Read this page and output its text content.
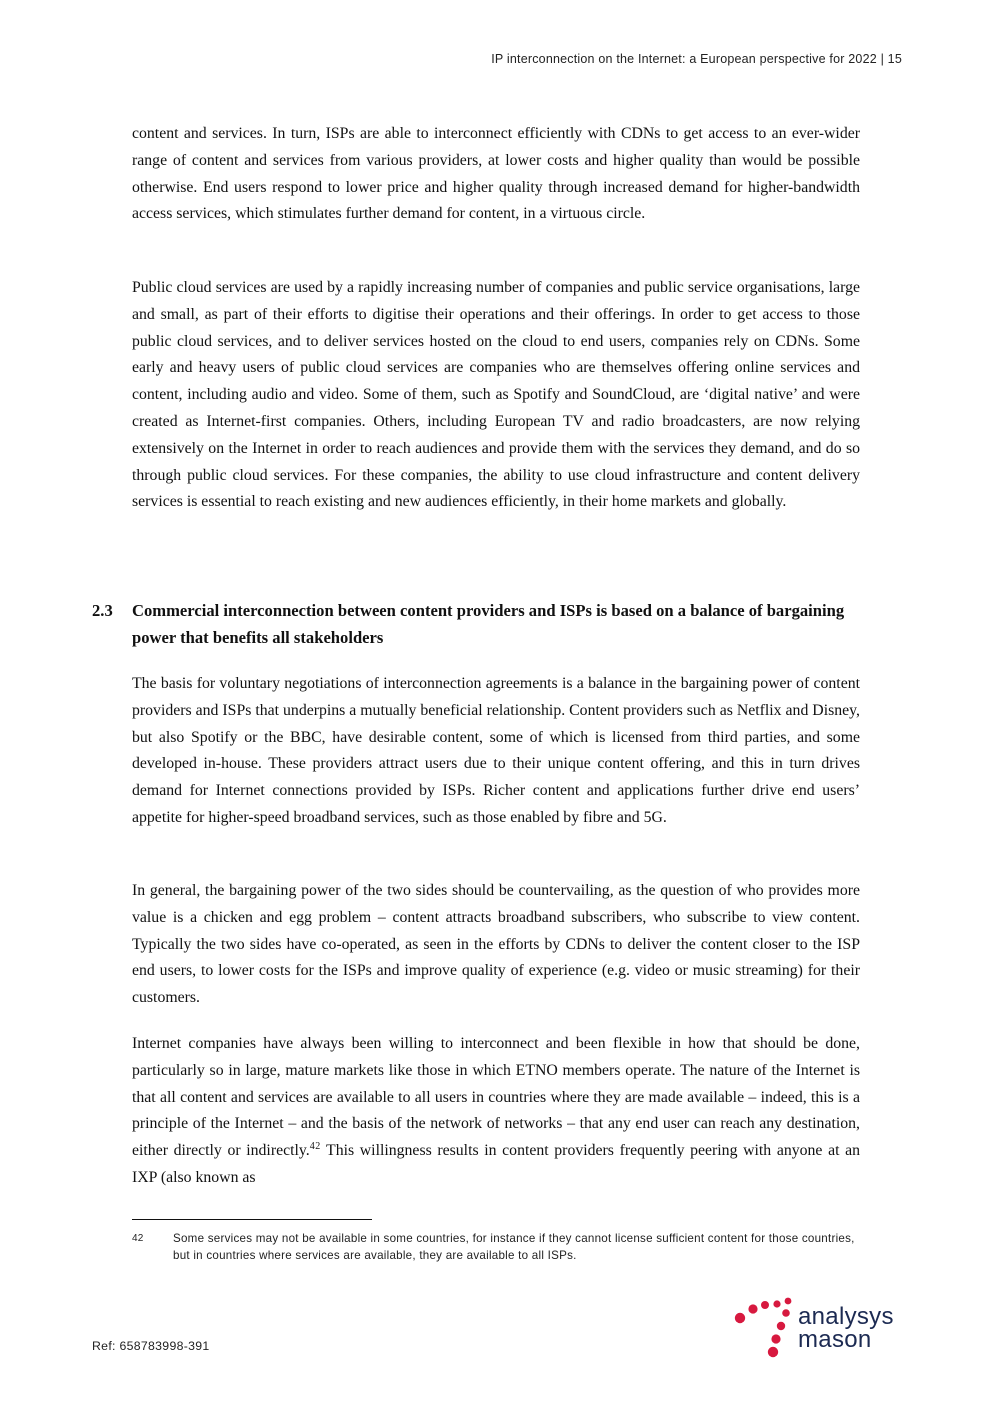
IP interconnection on the Internet: a European perspective for 2022 | 15

content and services. In turn, ISPs are able to interconnect efficiently with CDNs to get access to an ever-wider range of content and services from various providers, at lower costs and higher quality than would be possible otherwise. End users respond to lower price and higher quality through increased demand for higher-bandwidth access services, which stimulates further demand for content, in a virtuous circle.

Public cloud services are used by a rapidly increasing number of companies and public service organisations, large and small, as part of their efforts to digitise their operations and their offerings. In order to get access to those public cloud services, and to deliver services hosted on the cloud to end users, companies rely on CDNs. Some early and heavy users of public cloud services are companies who are themselves offering online services and content, including audio and video. Some of them, such as Spotify and SoundCloud, are ‘digital native’ and were created as Internet-first companies. Others, including European TV and radio broadcasters, are now relying extensively on the Internet in order to reach audiences and provide them with the services they demand, and do so through public cloud services. For these companies, the ability to use cloud infrastructure and content delivery services is essential to reach existing and new audiences efficiently, in their home markets and globally.

2.3 Commercial interconnection between content providers and ISPs is based on a balance of bargaining power that benefits all stakeholders

The basis for voluntary negotiations of interconnection agreements is a balance in the bargaining power of content providers and ISPs that underpins a mutually beneficial relationship. Content providers such as Netflix and Disney, but also Spotify or the BBC, have desirable content, some of which is licensed from third parties, and some developed in-house. These providers attract users due to their unique content offering, and this in turn drives demand for Internet connections provided by ISPs. Richer content and applications further drive end users’ appetite for higher-speed broadband services, such as those enabled by fibre and 5G.

In general, the bargaining power of the two sides should be countervailing, as the question of who provides more value is a chicken and egg problem – content attracts broadband subscribers, who subscribe to view content. Typically the two sides have co-operated, as seen in the efforts by CDNs to deliver the content closer to the ISP end users, to lower costs for the ISPs and improve quality of experience (e.g. video or music streaming) for their customers.

Internet companies have always been willing to interconnect and been flexible in how that should be done, particularly so in large, mature markets like those in which ETNO members operate. The nature of the Internet is that all content and services are available to all users in countries where they are made available – indeed, this is a principle of the Internet – and the basis of the network of networks – that any end user can reach any destination, either directly or indirectly.$^{42}$ This willingness results in content providers frequently peering with anyone at an IXP (also known as

42	Some services may not be available in some countries, for instance if they cannot license sufficient content for those countries, but in countries where services are available, they are available to all ISPs.
Ref: 658783998-391
analysys
mason
